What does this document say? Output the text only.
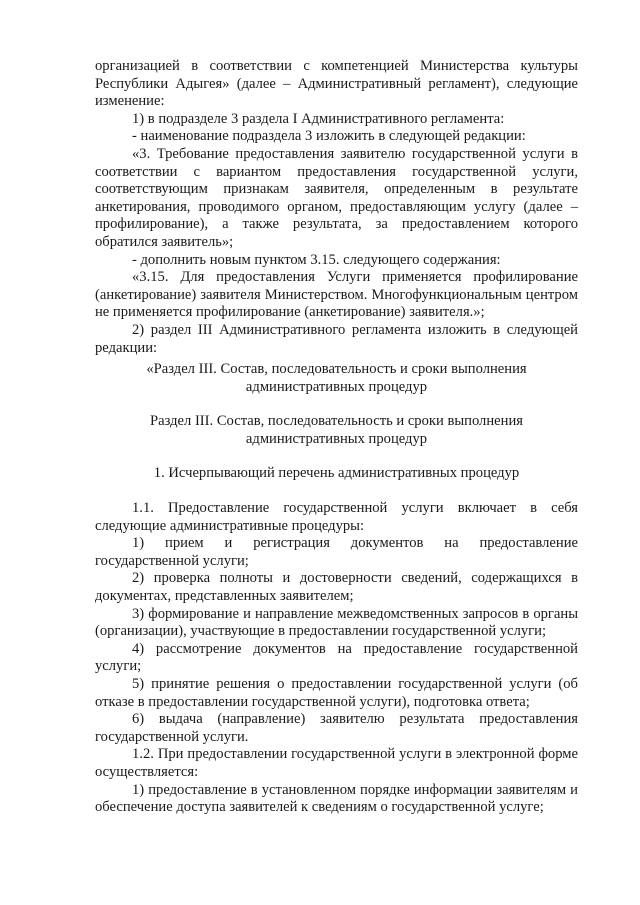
организацией в соответствии с компетенцией Министерства культуры Республики Адыгея» (далее – Административный регламент), следующие изменение:

1) в подразделе 3 раздела I Административного регламента:

- наименование подраздела 3 изложить в следующей редакции:

«3. Требование предоставления заявителю государственной услуги в соответствии с вариантом предоставления государственной услуги, соответствующим признакам заявителя, определенным в результате анкетирования, проводимого органом, предоставляющим услугу (далее – профилирование), а также результата, за предоставлением которого обратился заявитель»;

- дополнить новым пунктом 3.15. следующего содержания:

«3.15. Для предоставления Услуги применяется профилирование (анкетирование) заявителя Министерством. Многофункциональным центром не применяется профилирование (анкетирование) заявителя.»;

2) раздел III Административного регламента изложить в следующей редакции:

«Раздел III. Состав, последовательность и сроки выполнения административных процедур

Раздел III. Состав, последовательность и сроки выполнения административных процедур

1. Исчерпывающий перечень административных процедур

1.1. Предоставление государственной услуги включает в себя следующие административные процедуры:

1) прием и регистрация документов на предоставление государственной услуги;

2) проверка полноты и достоверности сведений, содержащихся в документах, представленных заявителем;

3) формирование и направление межведомственных запросов в органы (организации), участвующие в предоставлении государственной услуги;

4) рассмотрение документов на предоставление государственной услуги;

5) принятие решения о предоставлении государственной услуги (об отказе в предоставлении государственной услуги), подготовка ответа;

6) выдача (направление) заявителю результата предоставления государственной услуги.

1.2. При предоставлении государственной услуги в электронной форме осуществляется:

1) предоставление в установленном порядке информации заявителям и обеспечение доступа заявителей к сведениям о государственной услуге;
